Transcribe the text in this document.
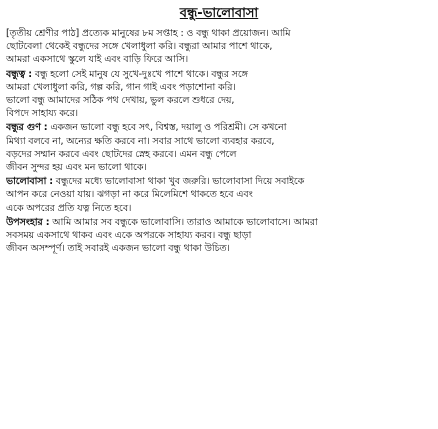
বন্ধু-ভালোবাসা
[তৃতীয় শ্রেণীর পাঠ] প্রত্যেক মানুষের ৮ম সপ্তাহ : ও বন্ধু থাকা প্রয়োজন। আমি
ছোটবেলা থেকেই বন্ধুদের সঙ্গে খেলাধুলা করি। বন্ধুরা আমার পাশে থাকে,
আমরা একসাথে স্কুলে যাই এবং বাড়ি ফিরে আসি।
বন্ধুত্ব : বন্ধু হলো সেই মানুষ যে সুখে-দুঃখে পাশে থাকে। বন্ধুর সঙ্গে
আমরা খেলাধুলা করি, গল্প করি, গান গাই এবং পড়াশোনা করি।
ভালো বন্ধু আমাদের সঠিক পথ দেখায়, ভুল করলে শুধরে দেয়,
বিপদে সাহায্য করে।
বন্ধুর গুণ : একজন ভালো বন্ধু হবে সৎ, বিশ্বস্ত, দয়ালু ও পরিশ্রমী। সে কখনো
মিথ্যা বলবে না, অন্যের ক্ষতি করবে না। সবার সাথে ভালো ব্যবহার করবে,
বড়দের সম্মান করবে এবং ছোটদের স্নেহ করবে। এমন বন্ধু পেলে
জীবন সুন্দর হয় এবং মন ভালো থাকে।
ভালোবাসা : বন্ধুদের মধ্যে ভালোবাসা থাকা খুব জরুরি। ভালোবাসা দিয়ে সবাইকে
আপন করে নেওয়া যায়। ঝগড়া না করে মিলেমিশে থাকতে হবে এবং
একে অপরের প্রতি যত্ন নিতে হবে।
উপসংহার : আমি আমার সব বন্ধুকে ভালোবাসি। তারাও আমাকে ভালোবাসে। আমরা
সবসময় একসাথে থাকব এবং একে অপরকে সাহায্য করব। বন্ধু ছাড়া
জীবন অসম্পূর্ণ। তাই সবারই একজন ভালো বন্ধু থাকা উচিত।
